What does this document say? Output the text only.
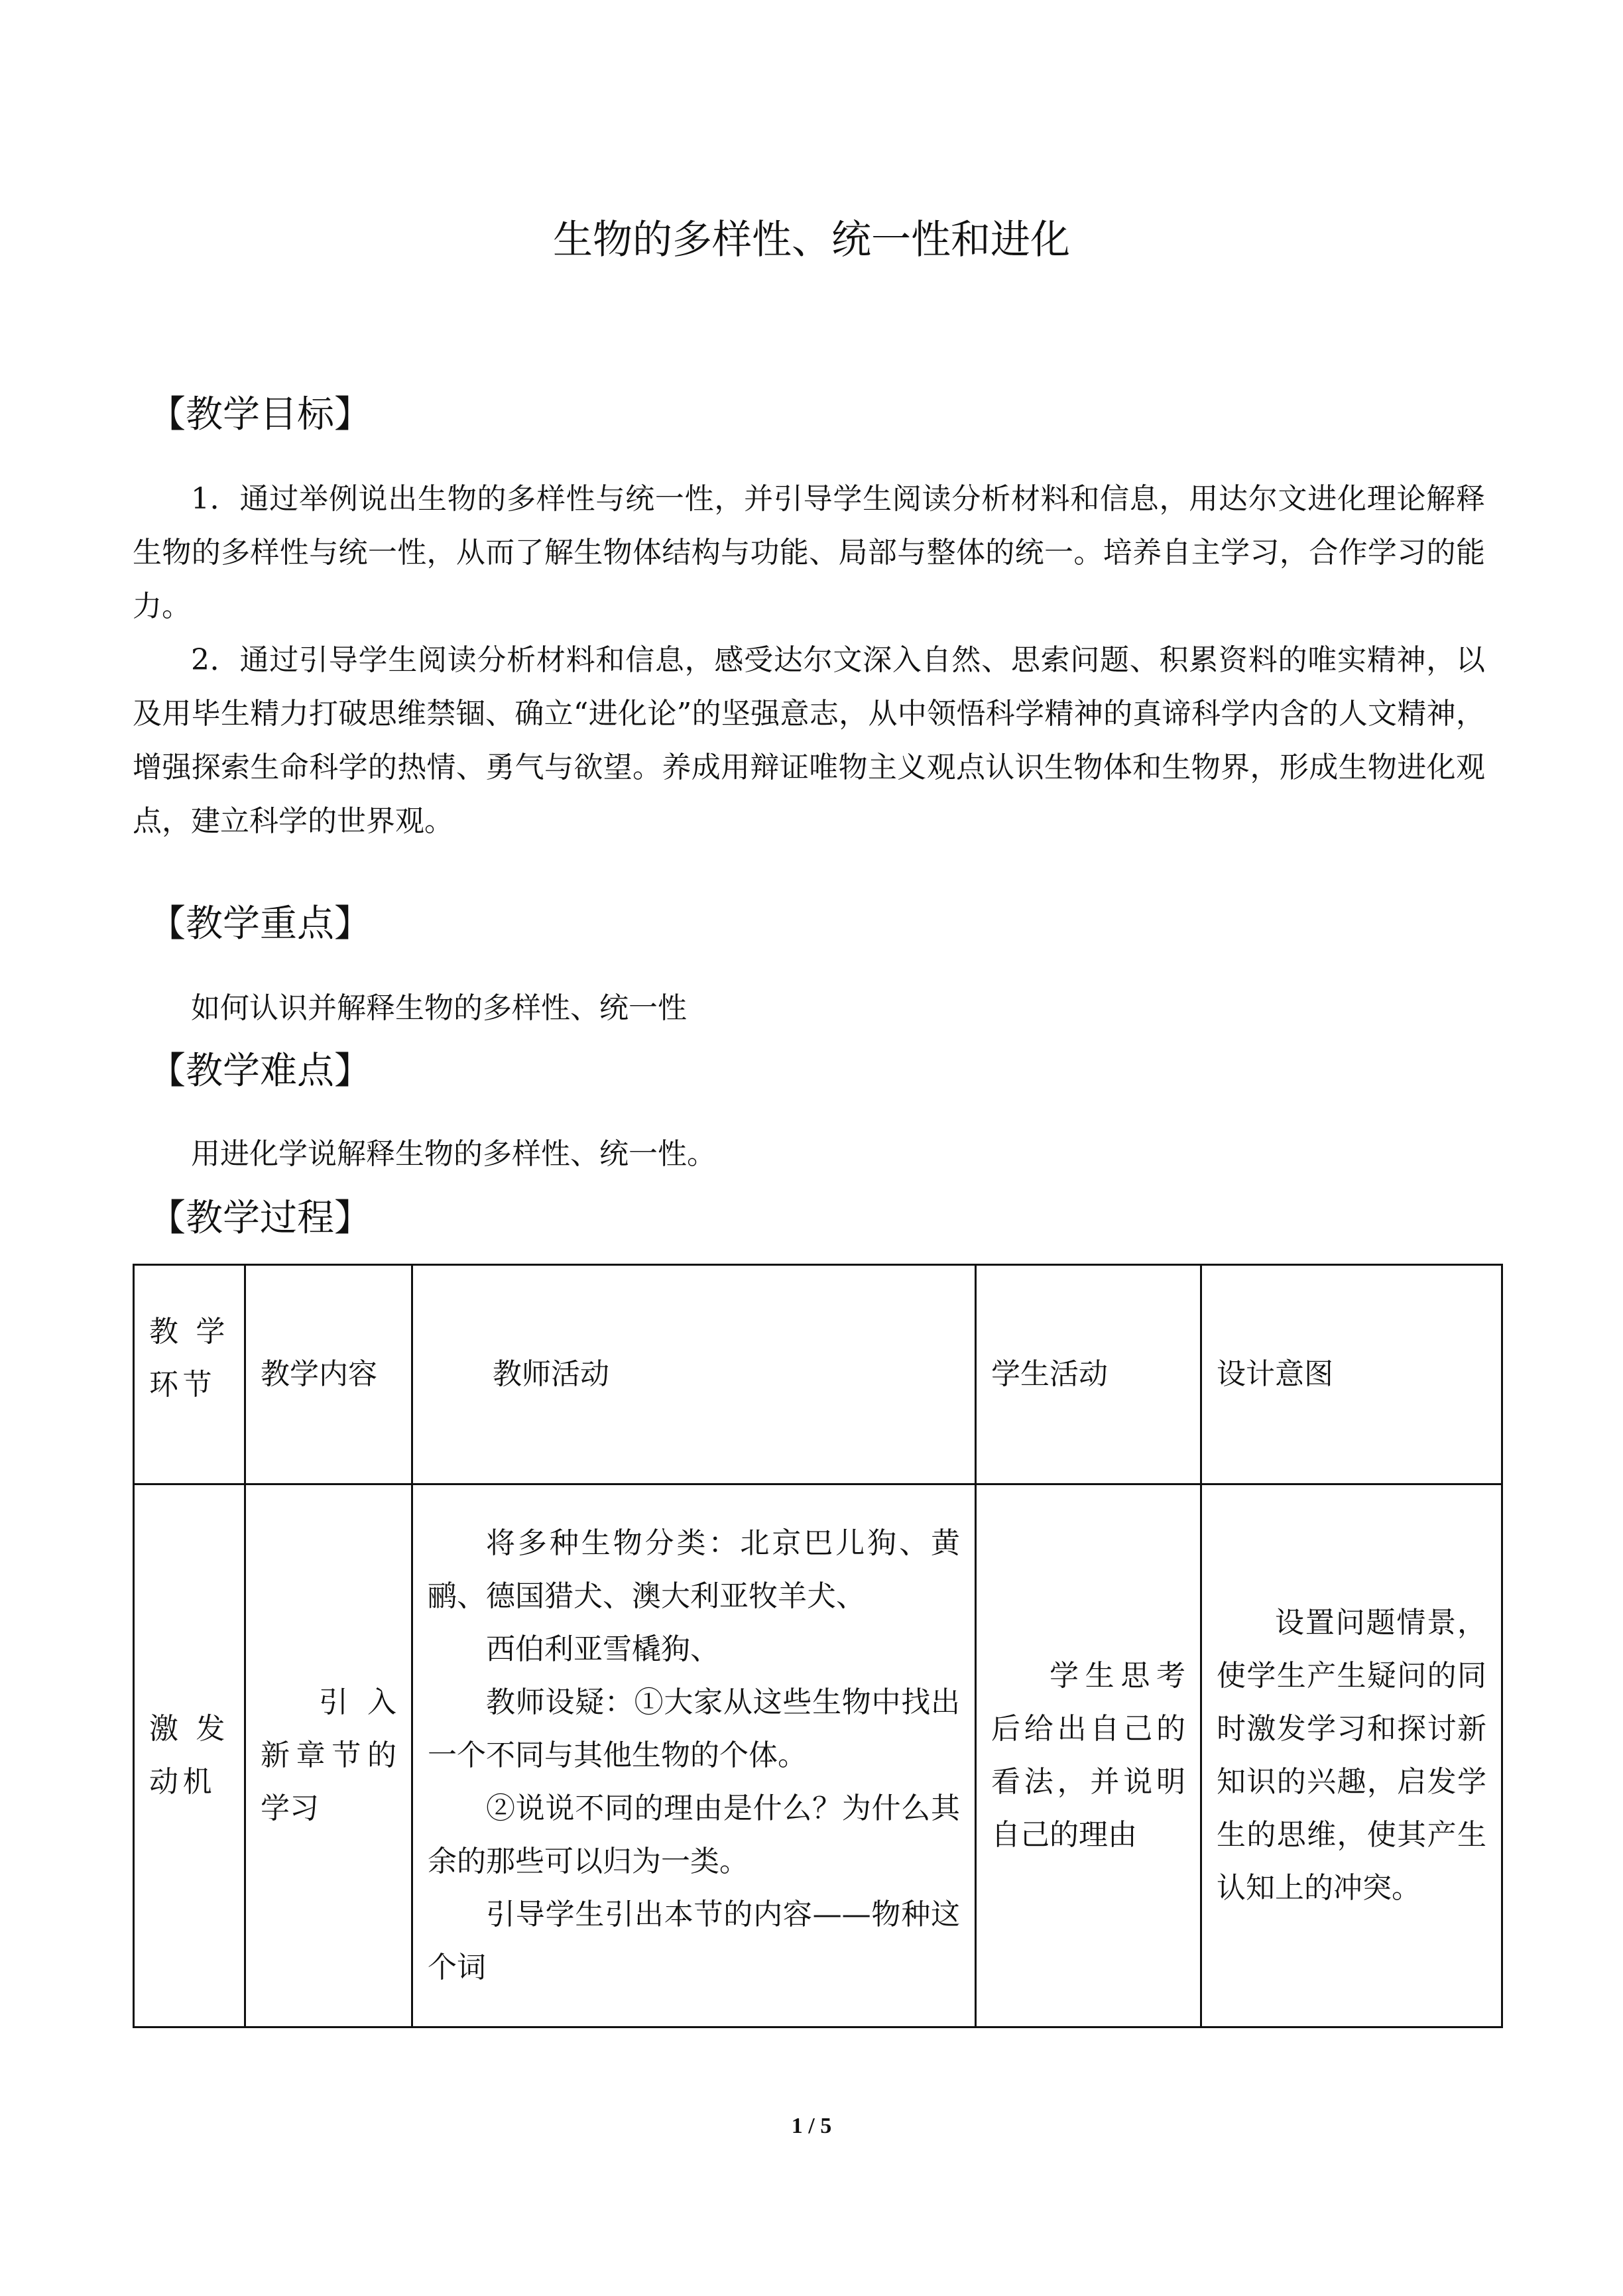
生物的多样性、统一性和进化
【教学目标】
1．通过举例说出生物的多样性与统一性，并引导学生阅读分析材料和信息，用达尔文进化理论解释生物的多样性与统一性，从而了解生物体结构与功能、局部与整体的统一。培养自主学习，合作学习的能力。
2．通过引导学生阅读分析材料和信息，感受达尔文深入自然、思索问题、积累资料的唯实精神，以及用毕生精力打破思维禁锢、确立“进化论”的坚强意志，从中领悟科学精神的真谛科学内含的人文精神，增强探索生命科学的热情、勇气与欲望。养成用辩证唯物主义观点认识生物体和生物界，形成生物进化观点，建立科学的世界观。
【教学重点】
如何认识并解释生物的多样性、统一性
【教学难点】
用进化学说解释生物的多样性、统一性。
【教学过程】
教学环节	教学内容	教师活动	学生活动	设计意图
激发动机	引入新章节的学习	将多种生物分类：北京巴儿狗、黄鹂、德国猎犬、澳大利亚牧羊犬、
西伯利亚雪橇狗、
教师设疑：①大家从这些生物中找出一个不同与其他生物的个体。
②说说不同的理由是什么？为什么其余的那些可以归为一类。
引导学生引出本节的内容——物种这个词	学生思考后给出自己的看法，并说明自己的理由	设置问题情景，使学生产生疑问的同时激发学习和探讨新知识的兴趣，启发学生的思维，使其产生认知上的冲突。
1 / 5
